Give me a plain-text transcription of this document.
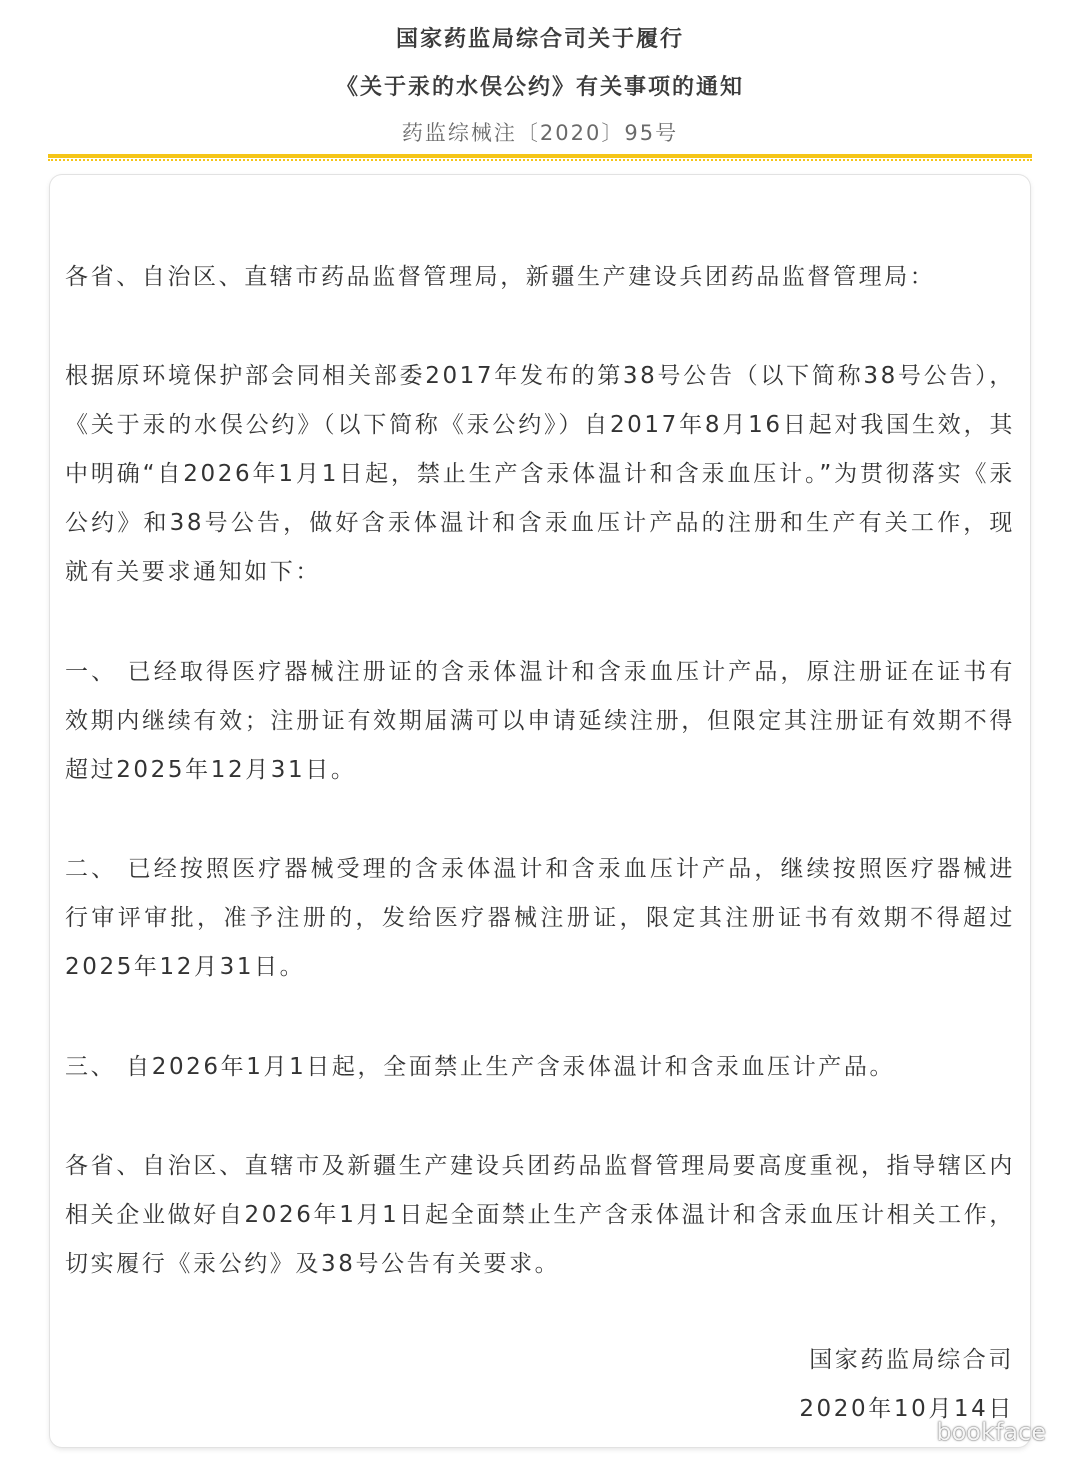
国家药监局综合司关于履行
《关于汞的水俣公约》有关事项的通知
药监综械注〔2020〕95号
各省、自治区、直辖市药品监督管理局，新疆生产建设兵团药品监督管理局：
根据原环境保护部会同相关部委2017年发布的第38号公告（以下简称38号公告），《关于汞的水俣公约》（以下简称《汞公约》）自2017年8月16日起对我国生效，其中明确“自2026年1月1日起，禁止生产含汞体温计和含汞血压计。”为贯彻落实《汞公约》和38号公告，做好含汞体温计和含汞血压计产品的注册和生产有关工作，现就有关要求通知如下：
一、 已经取得医疗器械注册证的含汞体温计和含汞血压计产品，原注册证在证书有效期内继续有效；注册证有效期届满可以申请延续注册，但限定其注册证有效期不得超过2025年12月31日。
二、 已经按照医疗器械受理的含汞体温计和含汞血压计产品，继续按照医疗器械进行审评审批，准予注册的，发给医疗器械注册证，限定其注册证书有效期不得超过2025年12月31日。
三、 自2026年1月1日起，全面禁止生产含汞体温计和含汞血压计产品。
各省、自治区、直辖市及新疆生产建设兵团药品监督管理局要高度重视，指导辖区内相关企业做好自2026年1月1日起全面禁止生产含汞体温计和含汞血压计相关工作，切实履行《汞公约》及38号公告有关要求。
国家药监局综合司
2020年10月14日
bookface
